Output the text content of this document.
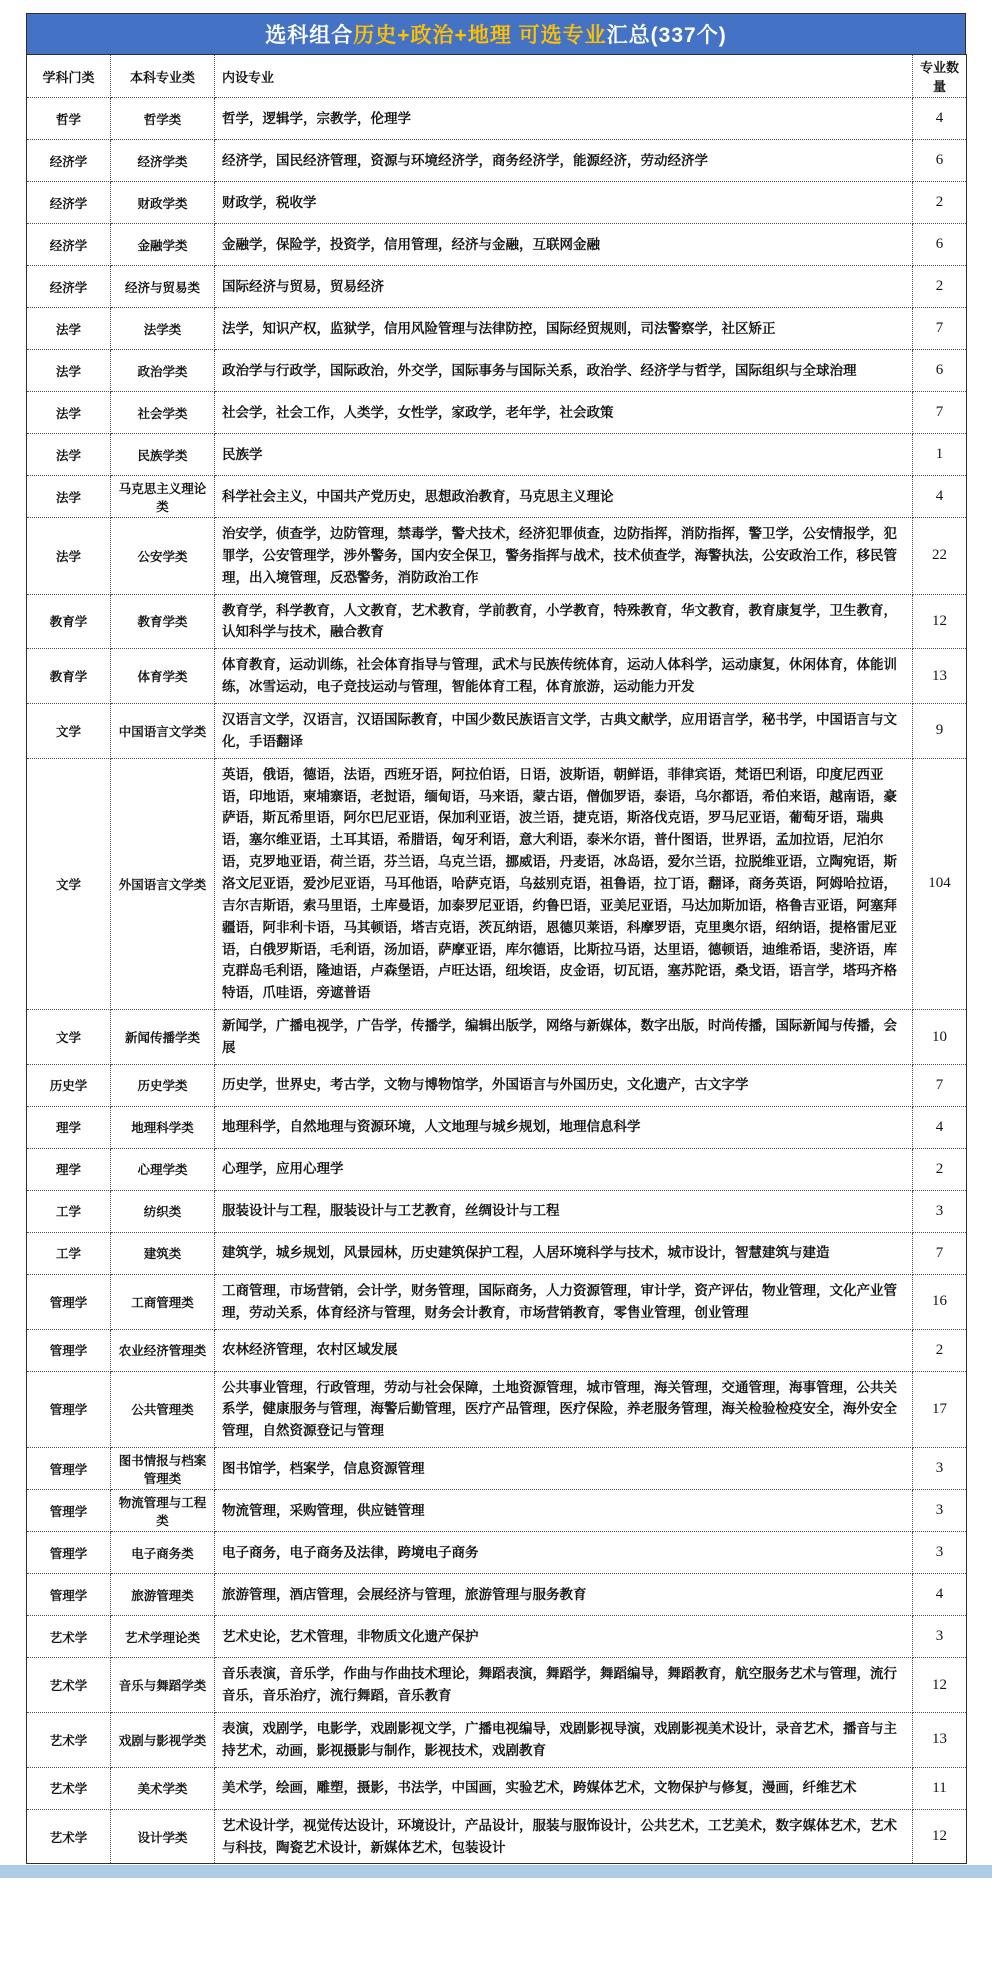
选科组合历史+政治+地理 可选专业汇总(337个)
学科门类	本科专业类	内设专业	专业数量
哲学	哲学类	哲学，逻辑学，宗教学，伦理学	4
经济学	经济学类	经济学，国民经济管理，资源与环境经济学，商务经济学，能源经济，劳动经济学	6
经济学	财政学类	财政学，税收学	2
经济学	金融学类	金融学，保险学，投资学，信用管理，经济与金融，互联网金融	6
经济学	经济与贸易类	国际经济与贸易，贸易经济	2
法学	法学类	法学，知识产权，监狱学，信用风险管理与法律防控，国际经贸规则，司法警察学，社区矫正	7
法学	政治学类	政治学与行政学，国际政治，外交学，国际事务与国际关系，政治学、经济学与哲学，国际组织与全球治理	6
法学	社会学类	社会学，社会工作，人类学，女性学，家政学，老年学，社会政策	7
法学	民族学类	民族学	1
法学	马克思主义理论类	科学社会主义，中国共产党历史，思想政治教育，马克思主义理论	4
法学	公安学类	治安学，侦查学，边防管理，禁毒学，警犬技术，经济犯罪侦查，边防指挥，消防指挥，警卫学，公安情报学，犯罪学，公安管理学，涉外警务，国内安全保卫，警务指挥与战术，技术侦查学，海警执法，公安政治工作，移民管理，出入境管理，反恐警务，消防政治工作	22
教育学	教育学类	教育学，科学教育，人文教育，艺术教育，学前教育，小学教育，特殊教育，华文教育，教育康复学，卫生教育，认知科学与技术，融合教育	12
教育学	体育学类	体育教育，运动训练，社会体育指导与管理，武术与民族传统体育，运动人体科学，运动康复，休闲体育，体能训练，冰雪运动，电子竞技运动与管理，智能体育工程，体育旅游，运动能力开发	13
文学	中国语言文学类	汉语言文学，汉语言，汉语国际教育，中国少数民族语言文学，古典文献学，应用语言学，秘书学，中国语言与文化，手语翻译	9
文学	外国语言文学类	英语，俄语，德语，法语，西班牙语，阿拉伯语，日语，波斯语，朝鲜语，菲律宾语，梵语巴利语，印度尼西亚语，印地语，柬埔寨语，老挝语，缅甸语，马来语，蒙古语，僧伽罗语，泰语，乌尔都语，希伯来语，越南语，豪萨语，斯瓦希里语，阿尔巴尼亚语，保加利亚语，波兰语，捷克语，斯洛伐克语，罗马尼亚语，葡萄牙语，瑞典语，塞尔维亚语，土耳其语，希腊语，匈牙利语，意大利语，泰米尔语，普什图语，世界语，孟加拉语，尼泊尔语，克罗地亚语，荷兰语，芬兰语，乌克兰语，挪威语，丹麦语，冰岛语，爱尔兰语，拉脱维亚语，立陶宛语，斯洛文尼亚语，爱沙尼亚语，马耳他语，哈萨克语，乌兹别克语，祖鲁语，拉丁语，翻译，商务英语，阿姆哈拉语，吉尔吉斯语，索马里语，土库曼语，加泰罗尼亚语，约鲁巴语，亚美尼亚语，马达加斯加语，格鲁吉亚语，阿塞拜疆语，阿非利卡语，马其顿语，塔吉克语，茨瓦纳语，恩德贝莱语，科摩罗语，克里奥尔语，绍纳语，提格雷尼亚语，白俄罗斯语，毛利语，汤加语，萨摩亚语，库尔德语，比斯拉马语，达里语，德顿语，迪维希语，斐济语，库克群岛毛利语，隆迪语，卢森堡语，卢旺达语，纽埃语，皮金语，切瓦语，塞苏陀语，桑戈语，语言学，塔玛齐格特语，爪哇语，旁遮普语	104
文学	新闻传播学类	新闻学，广播电视学，广告学，传播学，编辑出版学，网络与新媒体，数字出版，时尚传播，国际新闻与传播，会展	10
历史学	历史学类	历史学，世界史，考古学，文物与博物馆学，外国语言与外国历史，文化遗产，古文字学	7
理学	地理科学类	地理科学，自然地理与资源环境，人文地理与城乡规划，地理信息科学	4
理学	心理学类	心理学，应用心理学	2
工学	纺织类	服装设计与工程，服装设计与工艺教育，丝绸设计与工程	3
工学	建筑类	建筑学，城乡规划，风景园林，历史建筑保护工程，人居环境科学与技术，城市设计，智慧建筑与建造	7
管理学	工商管理类	工商管理，市场营销，会计学，财务管理，国际商务，人力资源管理，审计学，资产评估，物业管理，文化产业管理，劳动关系，体育经济与管理，财务会计教育，市场营销教育，零售业管理，创业管理	16
管理学	农业经济管理类	农林经济管理，农村区域发展	2
管理学	公共管理类	公共事业管理，行政管理，劳动与社会保障，土地资源管理，城市管理，海关管理，交通管理，海事管理，公共关系学，健康服务与管理，海警后勤管理，医疗产品管理，医疗保险，养老服务管理，海关检验检疫安全，海外安全管理，自然资源登记与管理	17
管理学	图书情报与档案管理类	图书馆学，档案学，信息资源管理	3
管理学	物流管理与工程类	物流管理，采购管理，供应链管理	3
管理学	电子商务类	电子商务，电子商务及法律，跨境电子商务	3
管理学	旅游管理类	旅游管理，酒店管理，会展经济与管理，旅游管理与服务教育	4
艺术学	艺术学理论类	艺术史论，艺术管理，非物质文化遗产保护	3
艺术学	音乐与舞蹈学类	音乐表演，音乐学，作曲与作曲技术理论，舞蹈表演，舞蹈学，舞蹈编导，舞蹈教育，航空服务艺术与管理，流行音乐，音乐治疗，流行舞蹈，音乐教育	12
艺术学	戏剧与影视学类	表演，戏剧学，电影学，戏剧影视文学，广播电视编导，戏剧影视导演，戏剧影视美术设计，录音艺术，播音与主持艺术，动画，影视摄影与制作，影视技术，戏剧教育	13
艺术学	美术学类	美术学，绘画，雕塑，摄影，书法学，中国画，实验艺术，跨媒体艺术，文物保护与修复，漫画，纤维艺术	11
艺术学	设计学类	艺术设计学，视觉传达设计，环境设计，产品设计，服装与服饰设计，公共艺术，工艺美术，数字媒体艺术，艺术与科技，陶瓷艺术设计，新媒体艺术，包装设计	12
